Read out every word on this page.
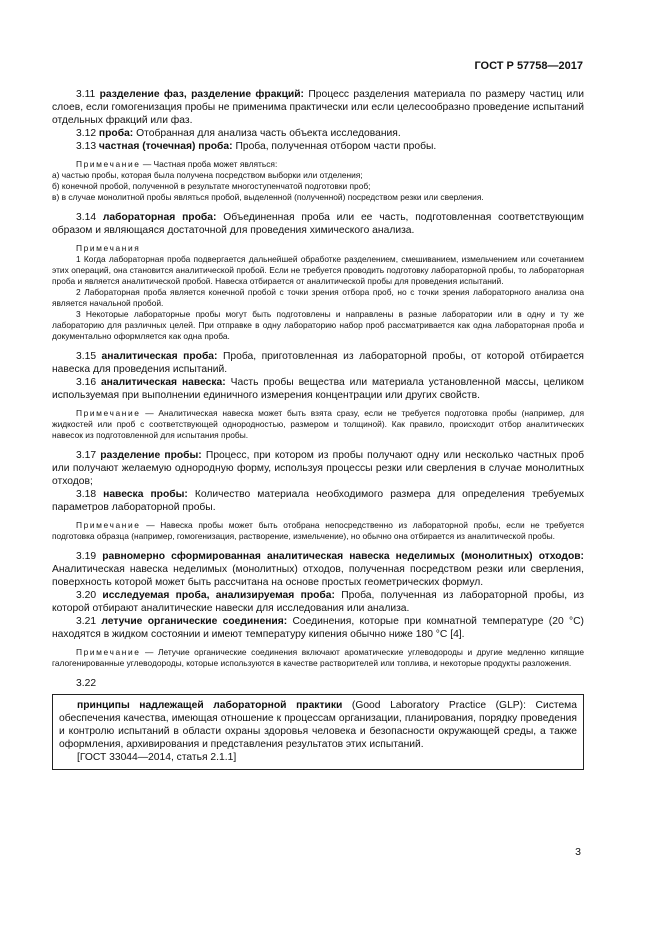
ГОСТ Р 57758—2017

3.11 разделение фаз, разделение фракций: Процесс разделения материала по размеру частиц или слоев, если гомогенизация пробы не применима практически или если целесообразно проведение испытаний отдельных фракций или фаз.

3.12 проба: Отобранная для анализа часть объекта исследования.

3.13 частная (точечная) проба: Проба, полученная отбором части пробы.

Примечание — Частная проба может являться:

а) частью пробы, которая была получена посредством выборки или отделения;

б) конечной пробой, полученной в результате многоступенчатой подготовки проб;

в) в случае монолитной пробы являться пробой, выделенной (полученной) посредством резки или сверления.

3.14 лабораторная проба: Объединенная проба или ее часть, подготовленная соответствующим образом и являющаяся достаточной для проведения химического анализа.

Примечания

1 Когда лабораторная проба подвергается дальнейшей обработке разделением, смешиванием, измельчением или сочетанием этих операций, она становится аналитической пробой. Если не требуется проводить подготовку лабораторной пробы, то лабораторная проба и является аналитической пробой. Навеска отбирается от аналитической пробы для проведения испытаний.

2 Лабораторная проба является конечной пробой с точки зрения отбора проб, но с точки зрения лабораторного анализа она является начальной пробой.

3 Некоторые лабораторные пробы могут быть подготовлены и направлены в разные лаборатории или в одну и ту же лабораторию для различных целей. При отправке в одну лабораторию набор проб рассматривается как одна лабораторная проба и документально оформляется как одна проба.

3.15 аналитическая проба: Проба, приготовленная из лабораторной пробы, от которой отбирается навеска для проведения испытаний.

3.16 аналитическая навеска: Часть пробы вещества или материала установленной массы, целиком используемая при выполнении единичного измерения концентрации или других свойств.

Примечание — Аналитическая навеска может быть взята сразу, если не требуется подготовка пробы (например, для жидкостей или проб с соответствующей однородностью, размером и толщиной). Как правило, происходит отбор аналитических навесок из подготовленной для испытания пробы.

3.17 разделение пробы: Процесс, при котором из пробы получают одну или несколько частных проб или получают желаемую однородную форму, используя процессы резки или сверления в случае монолитных отходов;

3.18 навеска пробы: Количество материала необходимого размера для определения требуемых параметров лабораторной пробы.

Примечание — Навеска пробы может быть отобрана непосредственно из лабораторной пробы, если не требуется подготовка образца (например, гомогенизация, растворение, измельчение), но обычно она отбирается из аналитической пробы.

3.19 равномерно сформированная аналитическая навеска неделимых (монолитных) отходов: Аналитическая навеска неделимых (монолитных) отходов, полученная посредством резки или сверления, поверхность которой может быть рассчитана на основе простых геометрических формул.

3.20 исследуемая проба, анализируемая проба: Проба, полученная из лабораторной пробы, из которой отбирают аналитические навески для исследования или анализа.

3.21 летучие органические соединения: Соединения, которые при комнатной температуре (20 °C) находятся в жидком состоянии и имеют температуру кипения обычно ниже 180 °C [4].

Примечание — Летучие органические соединения включают ароматические углеводороды и другие медленно кипящие галогенированные углеводороды, которые используются в качестве растворителей или топлива, и некоторые продукты разложения.

3.22

принципы надлежащей лабораторной практики (Good Laboratory Practice (GLP): Система обеспечения качества, имеющая отношение к процессам организации, планирования, порядку проведения и контролю испытаний в области охраны здоровья человека и безопасности окружающей среды, а также оформления, архивирования и представления результатов этих испытаний.

[ГОСТ 33044—2014, статья 2.1.1]

3
